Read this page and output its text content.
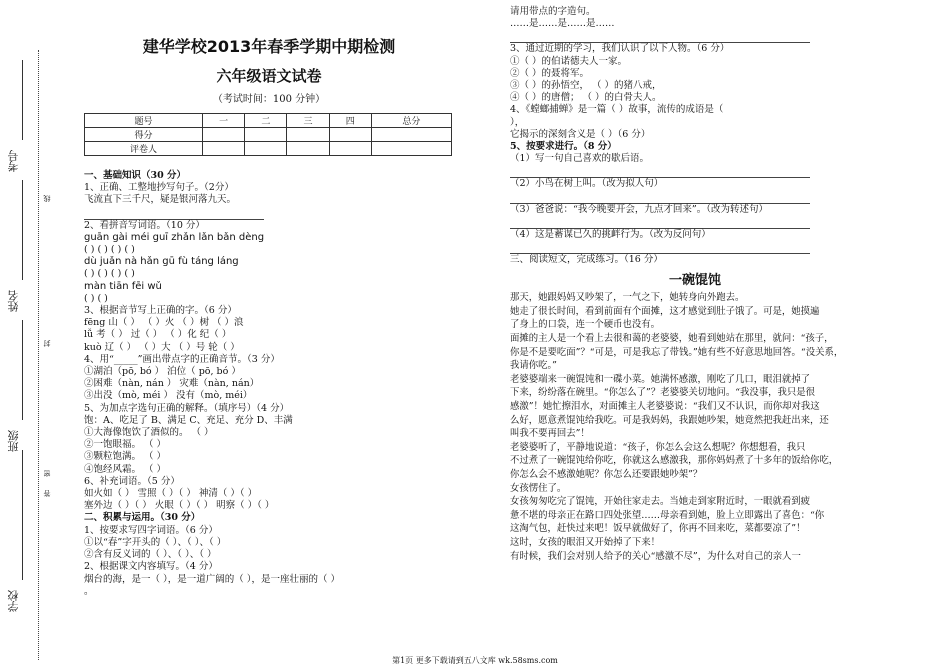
学校
班级
姓名
考号
线
封
密
答
建华学校2013年春季学期中期检测
六年级语文试卷
（考试时间：100 分钟）
题号	一	二	三	四	总分
得分					
评卷人					
一、基础知识（30 分）
1、正确、工整地抄写句子。（2分）
飞流直下三千尺，疑是银河落九天。
2、看拼音写词语。（10 分）
guān gài méi guī zhǎn lǎn bǎn dèng
( ) ( ) ( ) ( )
dù juǎn nà hǎn gū fù táng láng
( ) ( ) ( ) ( )
màn tiān fēi wǔ
( ) ( )
3、根据音节写上正确的字。（6 分）
fēng 山（ ） （ ）火 （ ）树 （ ）浪
lǚ 考（ ） 过（ ） （ ）化 纪（ ）
kuò 辽（ ） （ ）大 （ ）号 轮（ ）
4、用“_____”画出带点字的正确音节。（3 分）
①湖泊（pō, bó ） 泊位（ pō, bó ）
②困难（nàn, nán ） 灾难（nàn, nán）
③出没（mò, méi ） 没有（mò, méi）
5、为加点字选句正确的解释。（填序号）（4 分）
饱：A、吃足了 B、满足 C、充足、充分 D、丰满
①大海像饱饮了酒似的。 （ ）
②一饱眼福。 （ ）
③颗粒饱满。 （ ）
④饱经风霜。 （ ）
6、补充词语。（5 分）
如火如（ ） 雪照（ ）（ ） 神清（ ）（ ）
塞外边（ ）（ ） 火眼（ ）（ ） 明察（ ）（ ）
二、积累与运用。（30 分）
1、按要求写四字词语。（6 分）
①以“春”字开头的（ ）、（ ）、（ ）
②含有反义词的（ ）、（ ）、（ ）
2、根据课文内容填写。（4 分）
烟台的海，是一（ ），是一道广阔的（ ），是一座壮丽的（ ）
。
请用带点的字造句。
……是……是……是……
3、通过近期的学习，我们认识了以下人物。（6 分）
①（ ）的伯诺德夫人一家。
②（ ）的聂将军。
③（ ）的孙悟空， （ ）的猪八戒，
④（ ）的唐僧； （ ）的白骨夫人。
4、《螳螂捕蝉》是一篇（ ）故事，流传的成语是（
），
它揭示的深刻含义是（ ）（6 分）
5、按要求进行。（8 分）
（1）写一句自己喜欢的歇后语。
（2）小鸟在树上叫。（改为拟人句）
（3）爸爸说：“我今晚要开会，九点才回来”。（改为转述句）
（4）这是蓄谋已久的挑衅行为。（改为反问句）
三、阅读短文，完成练习。（16 分）
一碗馄饨
那天，她跟妈妈又吵架了，一气之下，她转身向外跑去。
她走了很长时间，看到前面有个面摊，这才感觉到肚子饿了。可是，她摸遍
了身上的口袋，连一个硬币也没有。
面摊的主人是一个看上去很和蔼的老婆婆，她看到她站在那里，就问：“孩子，
你是不是要吃面”？“可是，可是我忘了带钱。”她有些不好意思地回答。“没关系，
我请你吃。”
老婆婆端来一碗馄饨和一碟小菜。她满怀感激，刚吃了几口，眼泪就掉了
下来，纷纷落在碗里。“你怎么了”？老婆婆关切地问。“我没事，我只是很
感激”！她忙擦泪水，对面摊主人老婆婆说：“我们又不认识，而你却对我这
么好，愿意煮馄饨给我吃。可是我妈妈，我跟她吵架，她竟然把我赶出来，还
叫我不要再回去”！
老婆婆听了，平静地说道：“孩子，你怎么会这么想呢？你想想看，我只
不过煮了一碗馄饨给你吃，你就这么感激我，那你妈妈煮了十多年的饭给你吃，
你怎么会不感激她呢？你怎么还要跟她吵架”？
女孩愣住了。
女孩匆匆吃完了馄饨，开始往家走去。当她走到家附近时，一眼就看到疲
惫不堪的母亲正在路口四处张望……母亲看到她，脸上立即露出了喜色：“你
这淘气包，赶快过来吧！饭早就做好了，你再不回来吃，菜都要凉了”！
这时，女孩的眼泪又开始掉了下来！
有时候，我们会对别人给予的关心“感激不尽”，为什么对自己的亲人一
第1页 更多下载请到五八文库 wk.58sms.com
